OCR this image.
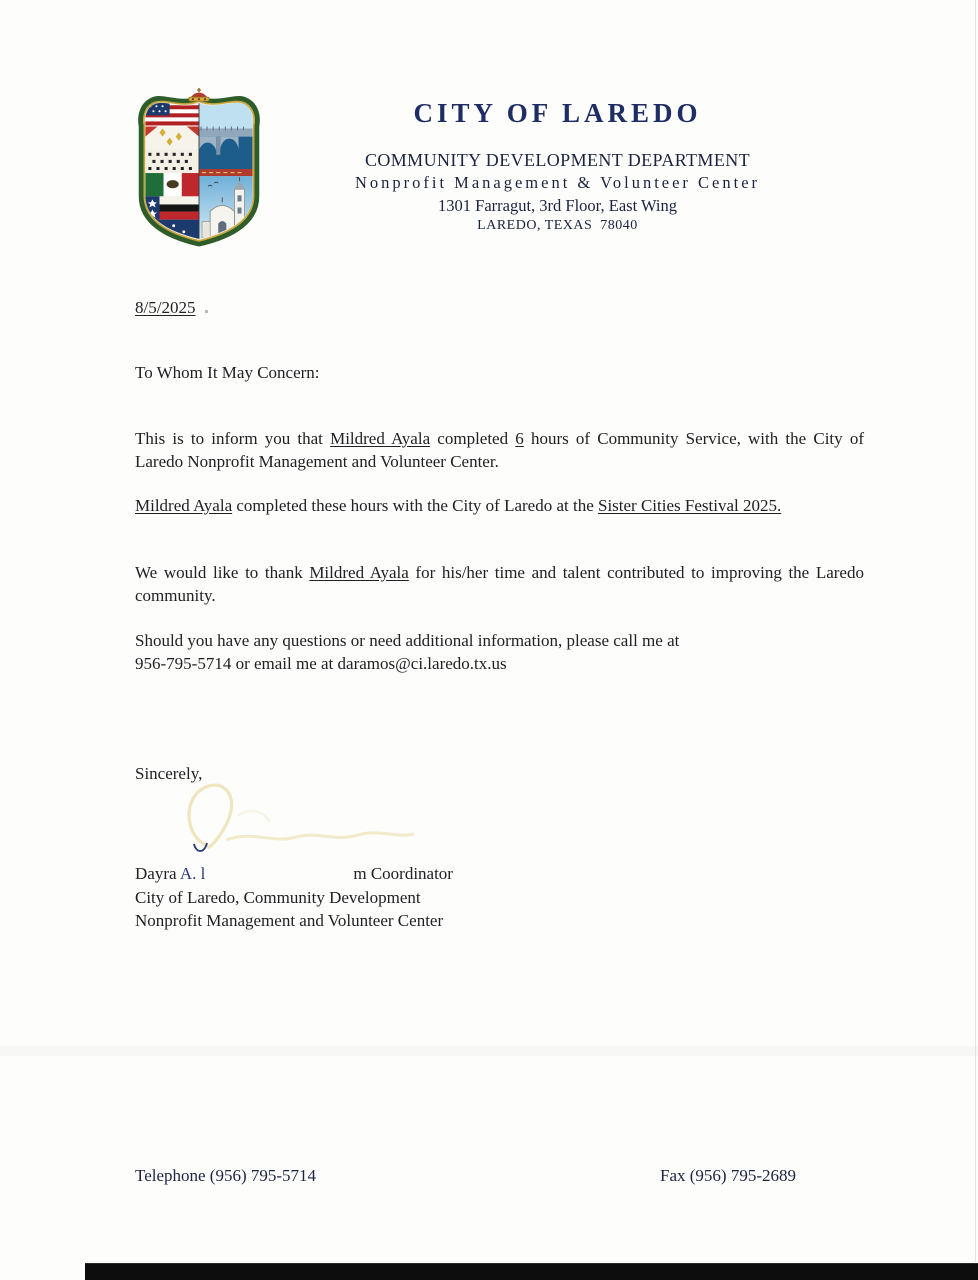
CITY OF LAREDO
COMMUNITY DEVELOPMENT DEPARTMENT
Nonprofit Management & Volunteer Center
1301 Farragut, 3rd Floor, East Wing
LAREDO, TEXAS  78040
8/5/2025
To Whom It May Concern:

This is to inform you that Mildred Ayala completed 6 hours of Community Service, with the City of Laredo Nonprofit Management and Volunteer Center.

Mildred Ayala completed these hours with the City of Laredo at the Sister Cities Festival 2025.

We would like to thank Mildred Ayala for his/her time and talent contributed to improving the Laredo community.

Should you have any questions or need additional information, please call me at
956-795-5714 or email me at daramos@ci.laredo.tx.us

Sincerely,
Dayra A. l	m Coordinator
City of Laredo, Community Development
Nonprofit Management and Volunteer Center
Telephone (956) 795-5714	Fax (956) 795-2689
